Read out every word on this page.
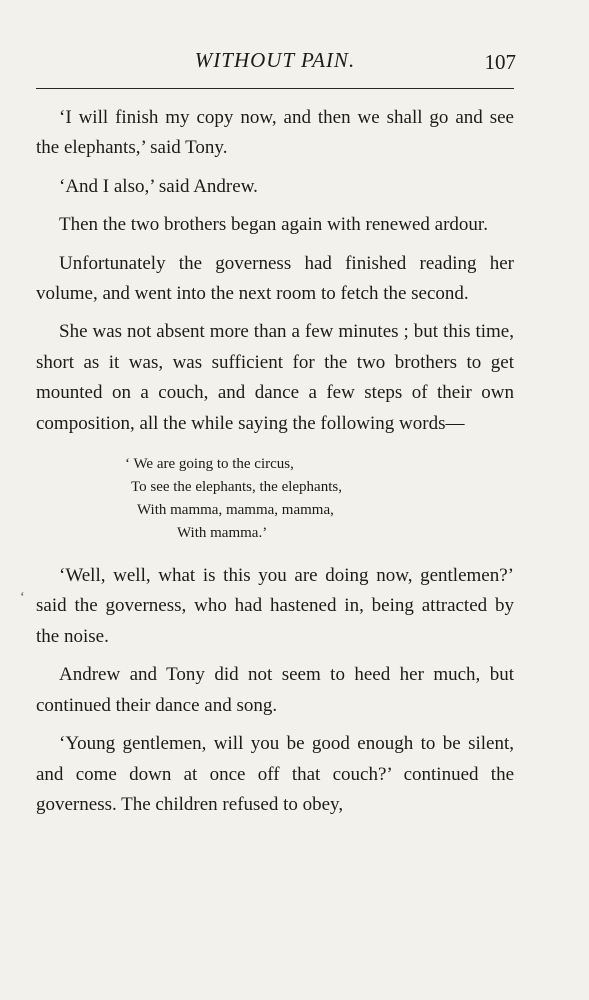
WITHOUT PAIN.	107

‘I will finish my copy now, and then we shall go and see the elephants,’ said Tony.

‘And I also,’ said Andrew.

Then the two brothers began again with renewed ardour.

Unfortunately the governess had finished reading her volume, and went into the next room to fetch the second.

She was not absent more than a few minutes ; but this time, short as it was, was sufficient for the two brothers to get mounted on a couch, and dance a few steps of their own composition, all the while saying the following words—

‘ We are going to the circus,
To see the elephants, the elephants,
With mamma, mamma, mamma,
With mamma.’

‘Well, well, what is this you are doing now, gentlemen?’ said the governess, who had hastened in, being attracted by the noise.

Andrew and Tony did not seem to heed her much, but continued their dance and song.

‘Young gentlemen, will you be good enough to be silent, and come down at once off that couch?’ continued the governess. The children refused to obey,

‘
